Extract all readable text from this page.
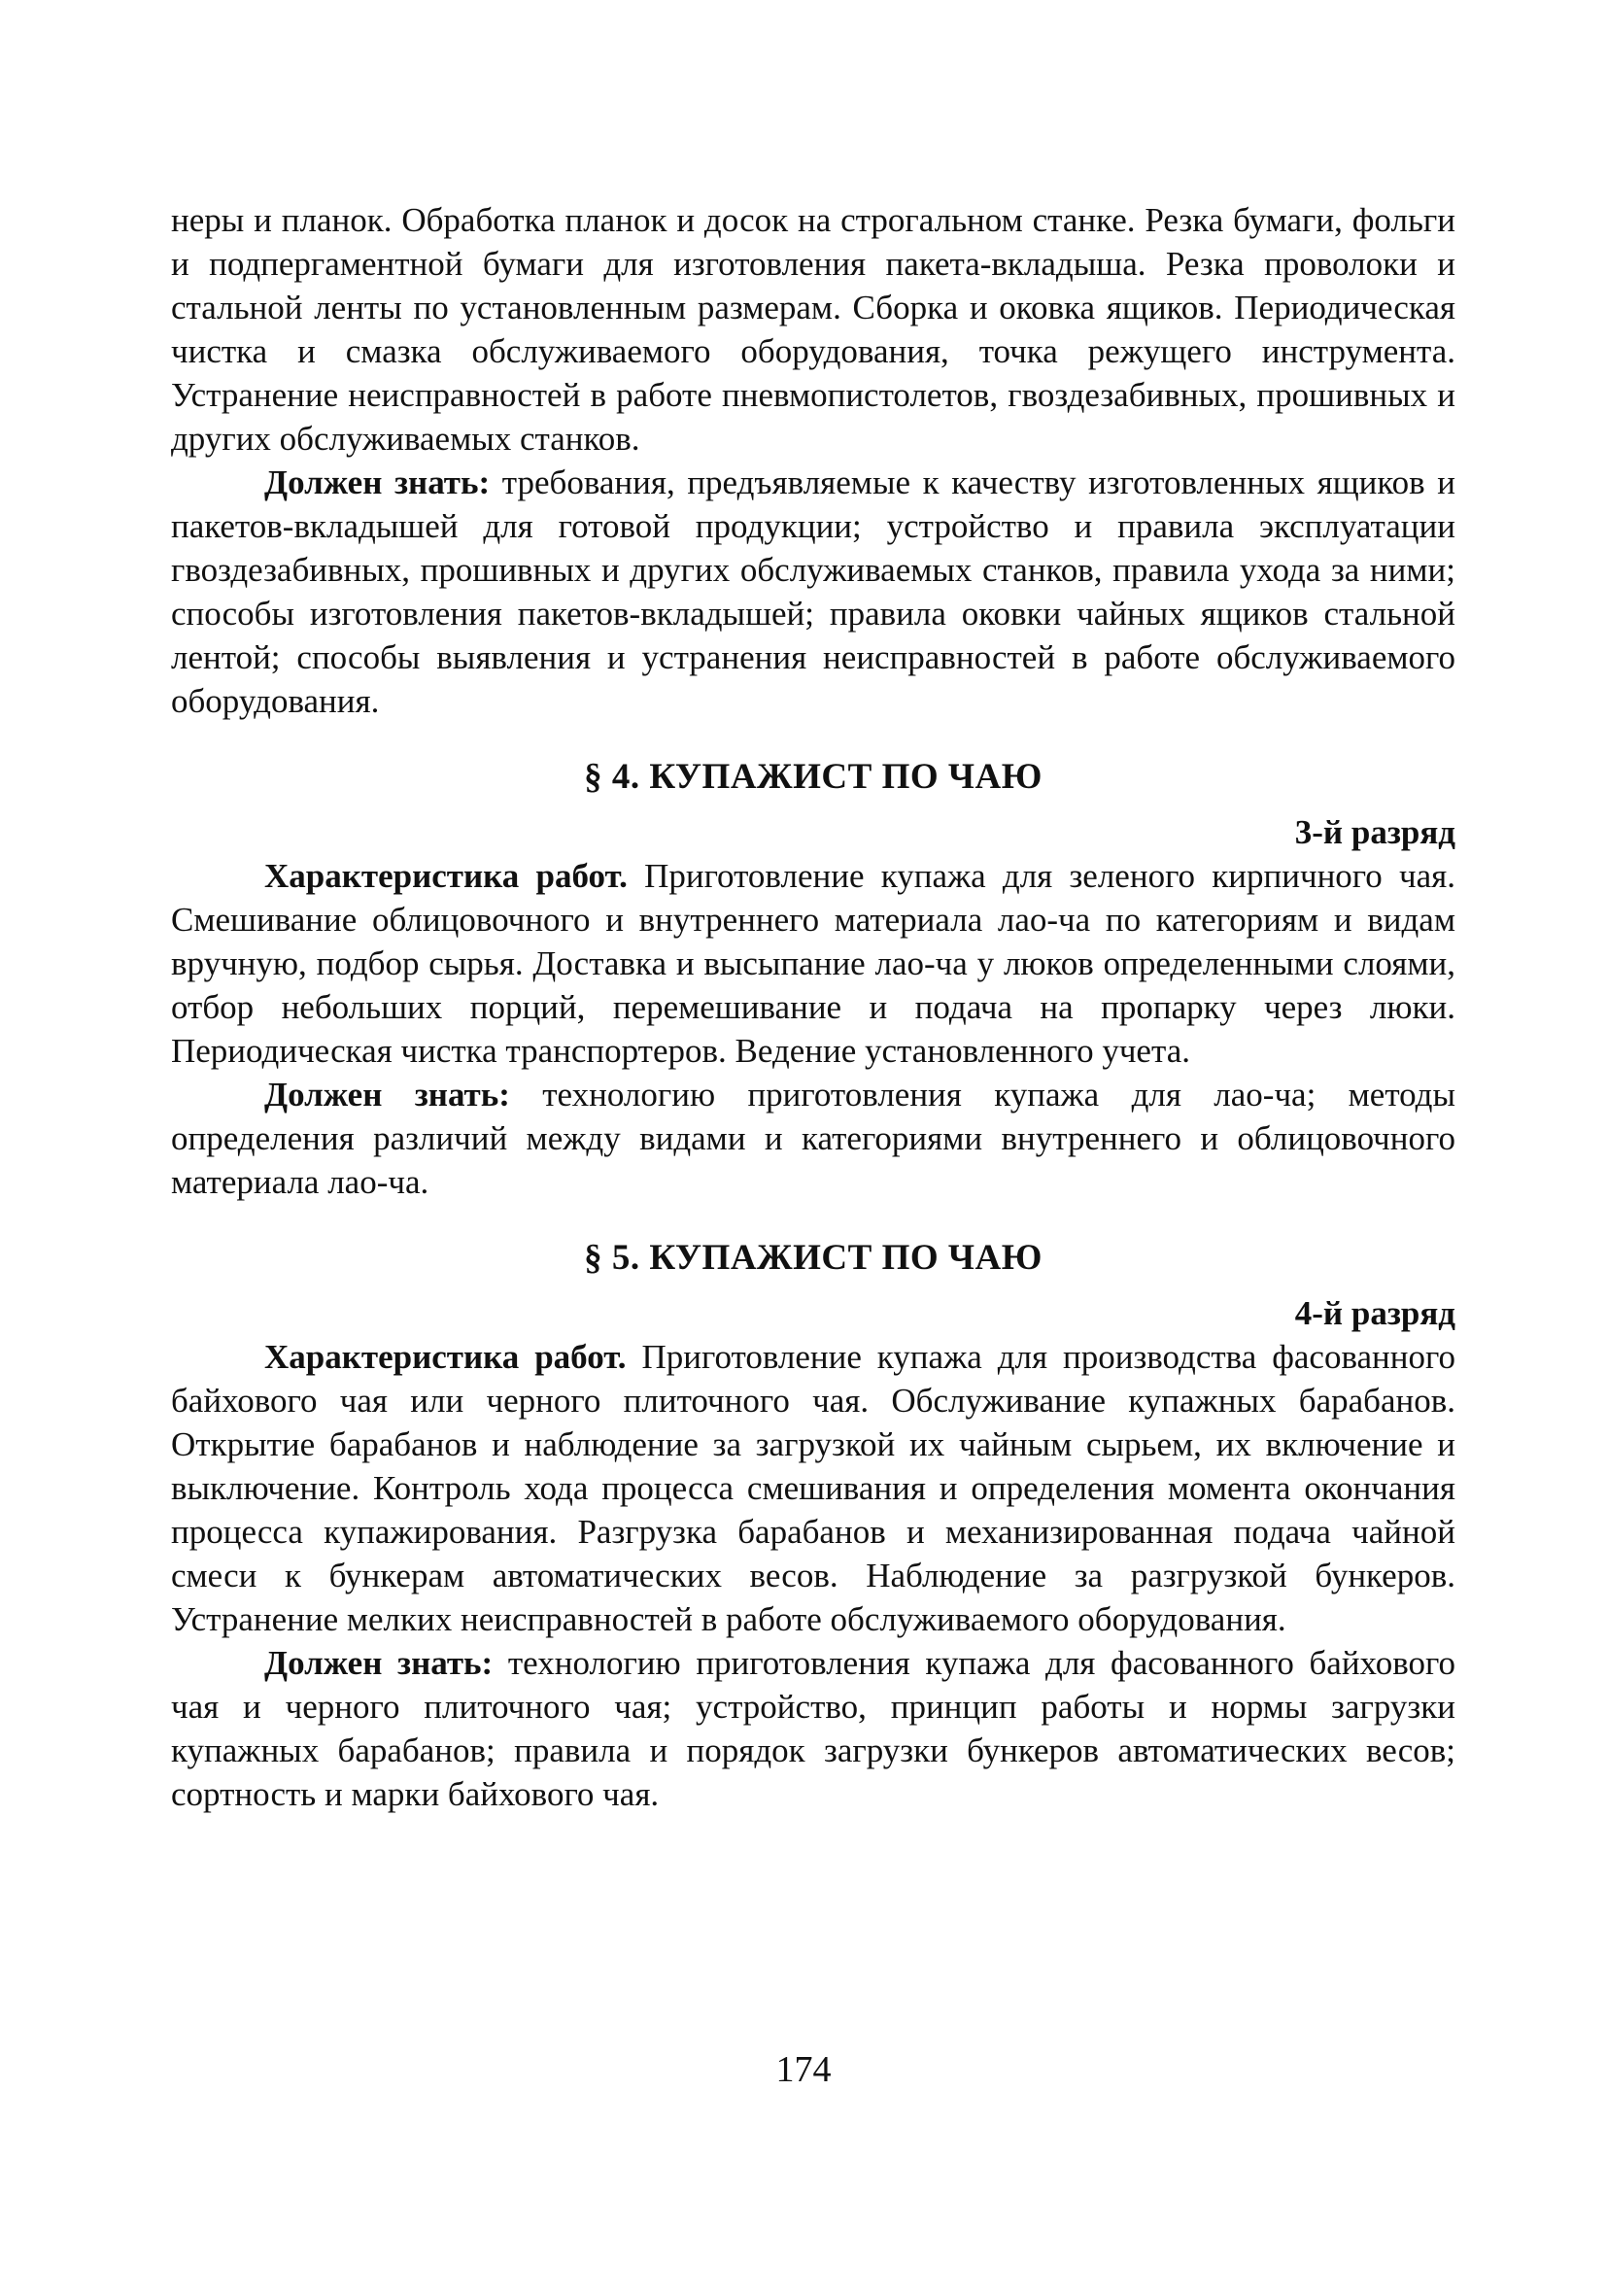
неры и планок. Обработка планок и досок на строгальном станке. Резка бумаги, фольги и подпергаментной бумаги для изготовления пакета-вкладыша. Резка проволоки и стальной ленты по установленным размерам. Сборка и оковка ящиков. Периодическая чистка и смазка обслуживаемого оборудования, точка режущего инструмента. Устранение неисправностей в работе пневмопистолетов, гвоздезабивных, прошивных и других обслуживаемых станков.

Должен знать: требования, предъявляемые к качеству изготовленных ящиков и пакетов-вкладышей для готовой продукции; устройство и правила эксплуатации гвоздезабивных, прошивных и других обслуживаемых станков, правила ухода за ними; способы изготовления пакетов-вкладышей; правила оковки чайных ящиков стальной лентой; способы выявления и устранения неисправностей в работе обслуживаемого оборудования.

§ 4. КУПАЖИСТ ПО ЧАЮ

3-й разряд

Характеристика работ. Приготовление купажа для зеленого кирпичного чая. Смешивание облицовочного и внутреннего материала лао-ча по категориям и видам вручную, подбор сырья. Доставка и высыпание лао-ча у люков определенными слоями, отбор небольших порций, перемешивание и подача на пропарку через люки. Периодическая чистка транспортеров. Ведение установленного учета.

Должен знать: технологию приготовления купажа для лао-ча; методы определения различий между видами и категориями внутреннего и облицовочного материала лао-ча.

§ 5. КУПАЖИСТ ПО ЧАЮ

4-й разряд

Характеристика работ. Приготовление купажа для производства фасованного байхового чая или черного плиточного чая. Обслуживание купажных барабанов. Открытие барабанов и наблюдение за загрузкой их чайным сырьем, их включение и выключение. Контроль хода процесса смешивания и определения момента окончания процесса купажирования. Разгрузка барабанов и механизированная подача чайной смеси к бункерам автоматических весов. Наблюдение за разгрузкой бункеров. Устранение мелких неисправностей в работе обслуживаемого оборудования.

Должен знать: технологию приготовления купажа для фасованного байхового чая и черного плиточного чая; устройство, принцип работы и нормы загрузки купажных барабанов; правила и порядок загрузки бункеров автоматических весов; сортность и марки байхового чая.

174
